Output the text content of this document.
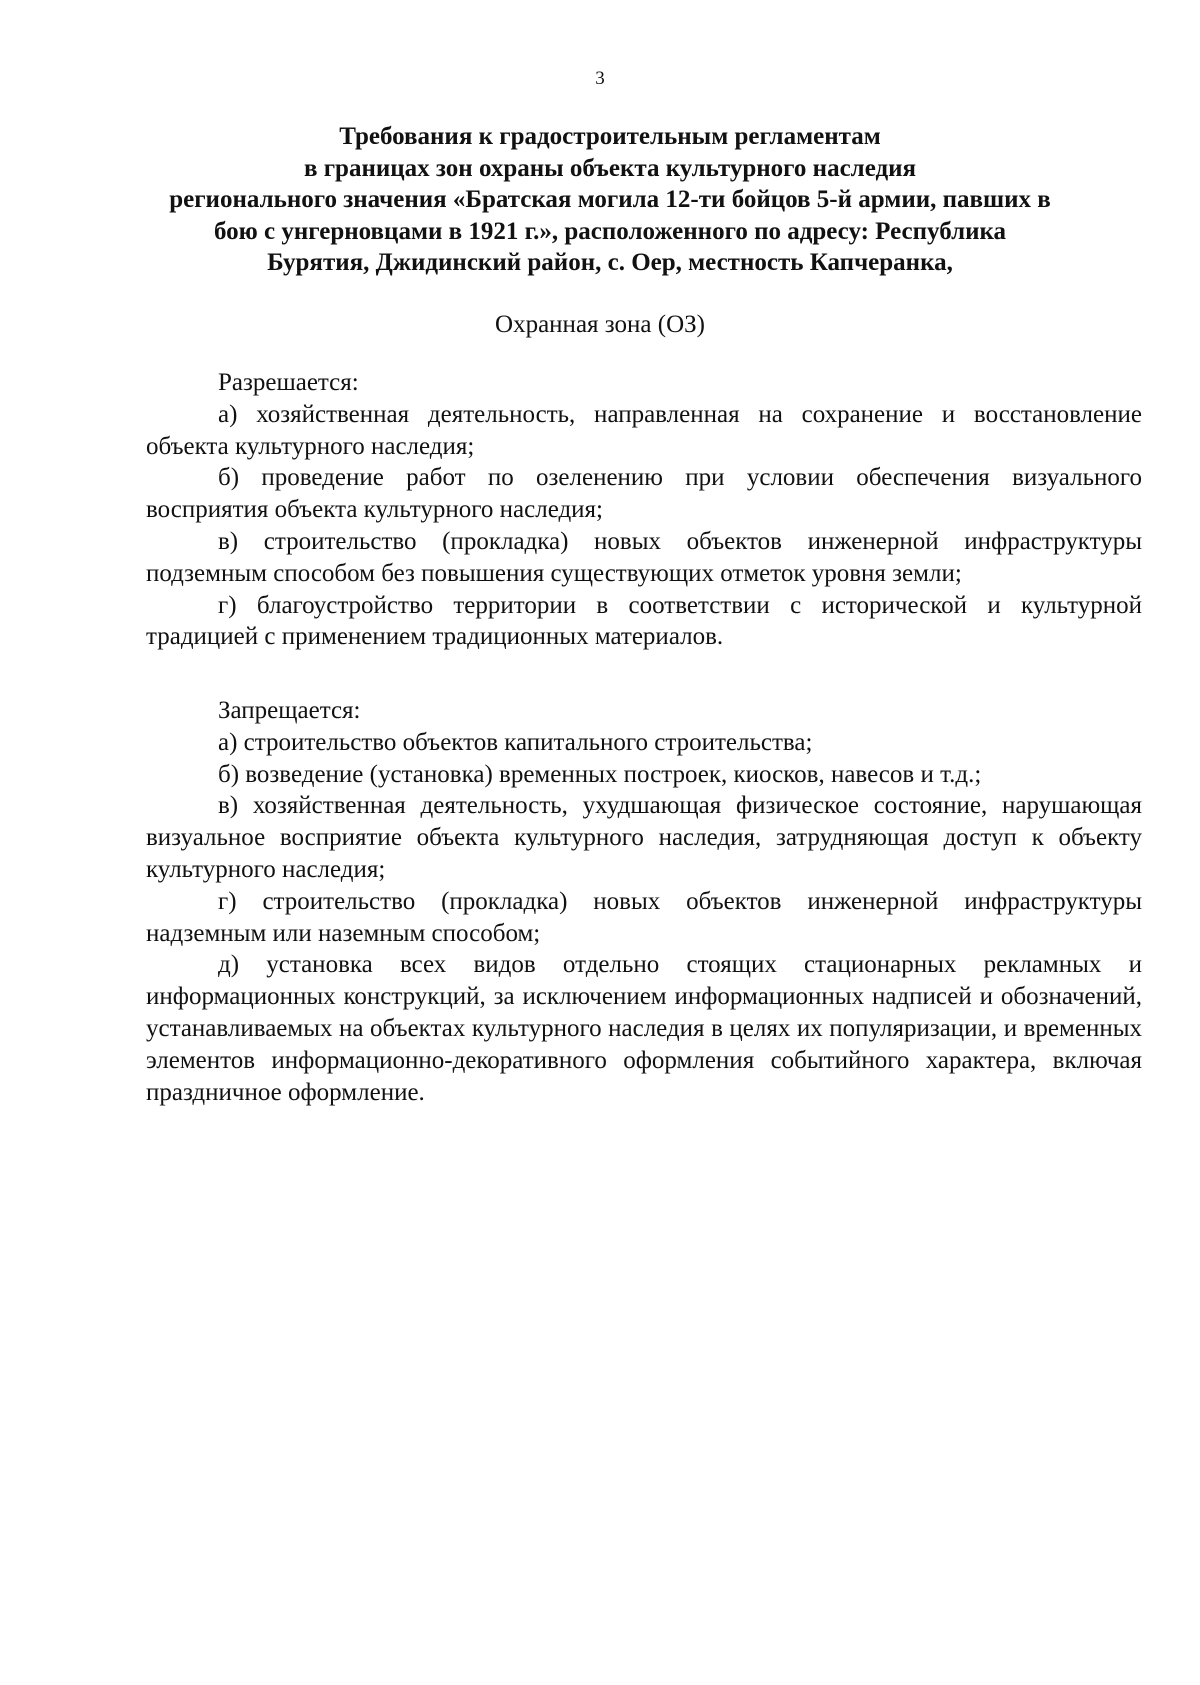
3
Требования к градостроительным регламентам
в границах зон охраны объекта культурного наследия
регионального значения «Братская могила 12-ти бойцов 5-й армии, павших в
бою с унгерновцами в 1921 г.», расположенного по адресу: Республика
Бурятия, Джидинский район, с. Оер, местность Капчеранка,
Охранная зона (ОЗ)
Разрешается:

а) хозяйственная деятельность, направленная на сохранение и восстановление объекта культурного наследия;

б) проведение работ по озеленению при условии обеспечения визуального восприятия объекта культурного наследия;

в) строительство (прокладка) новых объектов инженерной инфраструктуры подземным способом без повышения существующих отметок уровня земли;

г) благоустройство территории в соответствии с исторической и культурной традицией с применением традиционных материалов.

Запрещается:

а) строительство объектов капитального строительства;

б) возведение (установка) временных построек, киосков, навесов и т.д.;

в) хозяйственная деятельность, ухудшающая физическое состояние, нарушающая визуальное восприятие объекта культурного наследия, затрудняющая доступ к объекту культурного наследия;

г) строительство (прокладка) новых объектов инженерной инфраструктуры надземным или наземным способом;

д) установка всех видов отдельно стоящих стационарных рекламных и информационных конструкций, за исключением информационных надписей и обозначений, устанавливаемых на объектах культурного наследия в целях их популяризации, и временных элементов информационно-декоративного оформления событийного характера, включая праздничное оформление.
